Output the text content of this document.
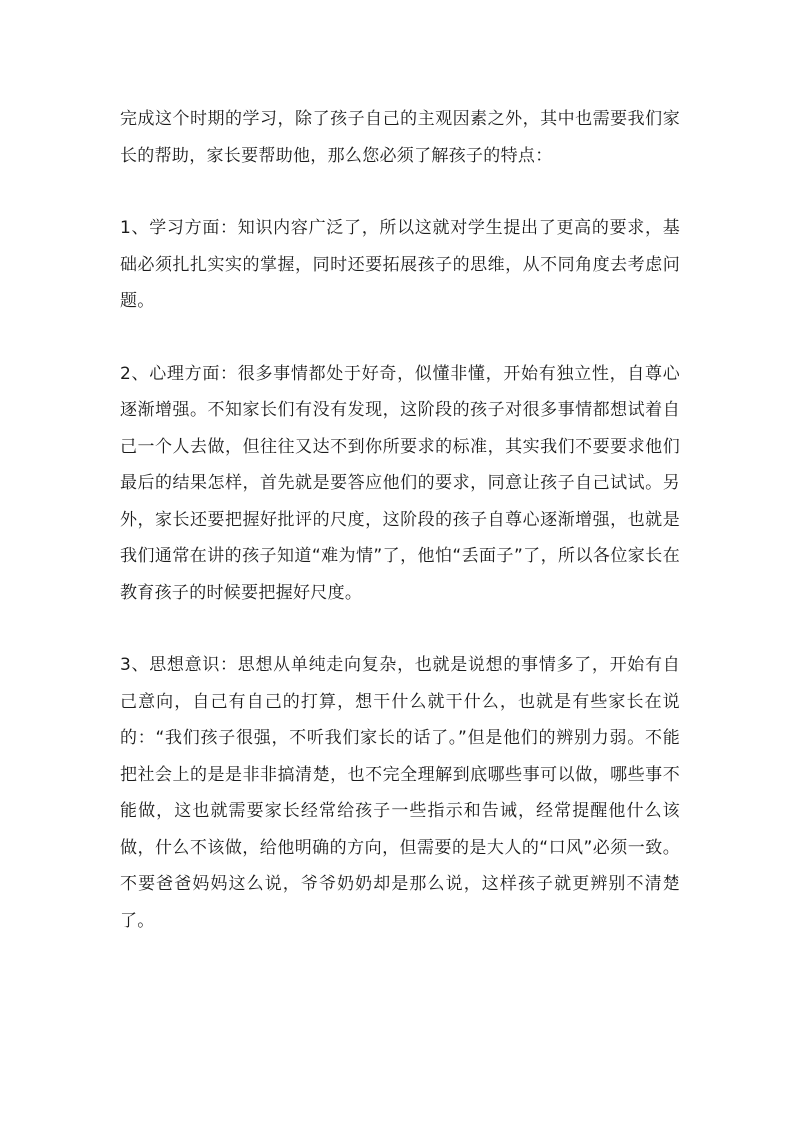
完成这个时期的学习，除了孩子自己的主观因素之外，其中也需要我们家长的帮助，家长要帮助他，那么您必须了解孩子的特点：

1、学习方面：知识内容广泛了，所以这就对学生提出了更高的要求，基础必须扎扎实实的掌握，同时还要拓展孩子的思维，从不同角度去考虑问题。

2、心理方面：很多事情都处于好奇，似懂非懂，开始有独立性，自尊心逐渐增强。不知家长们有没有发现，这阶段的孩子对很多事情都想试着自己一个人去做，但往往又达不到你所要求的标准，其实我们不要要求他们最后的结果怎样，首先就是要答应他们的要求，同意让孩子自己试试。另外，家长还要把握好批评的尺度，这阶段的孩子自尊心逐渐增强，也就是我们通常在讲的孩子知道“难为情”了，他怕“丢面子”了，所以各位家长在教育孩子的时候要把握好尺度。

3、思想意识：思想从单纯走向复杂，也就是说想的事情多了，开始有自己意向，自己有自己的打算，想干什么就干什么，也就是有些家长在说的：“我们孩子很强，不听我们家长的话了。”但是他们的辨别力弱。不能把社会上的是是非非搞清楚，也不完全理解到底哪些事可以做，哪些事不能做，这也就需要家长经常给孩子一些指示和告诫，经常提醒他什么该做，什么不该做，给他明确的方向，但需要的是大人的“口风”必须一致。不要爸爸妈妈这么说，爷爷奶奶却是那么说，这样孩子就更辨别不清楚了。
